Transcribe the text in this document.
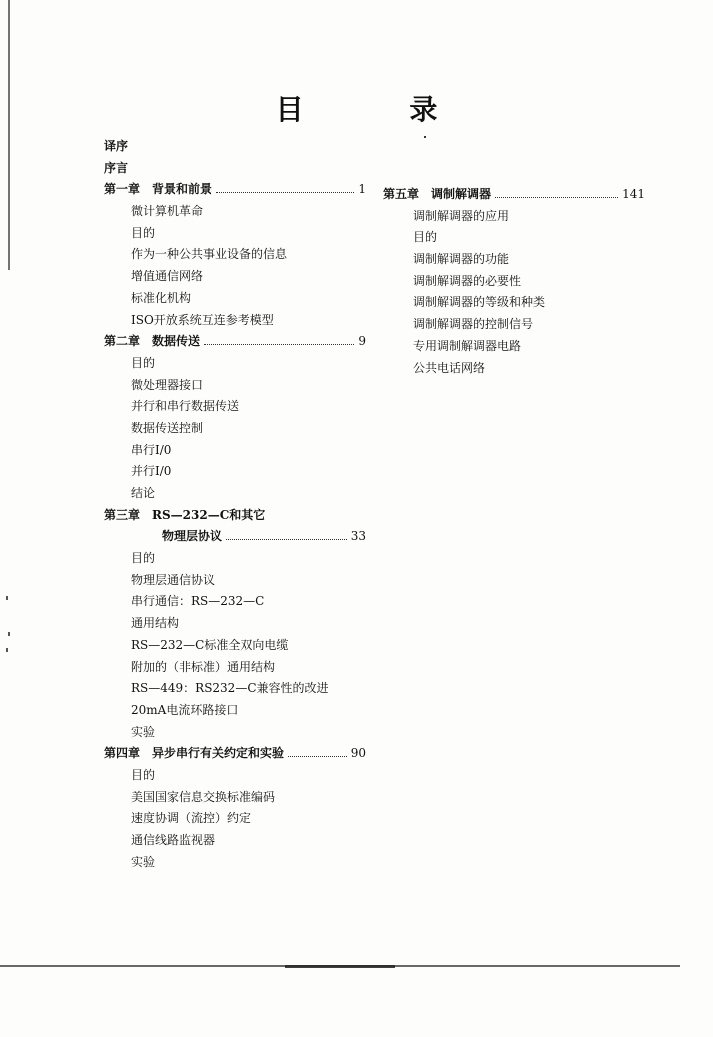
目 录
译序
序言
第一章  背景和前景	1
微计算机革命
目的
作为一种公共事业设备的信息
增值通信网络
标准化机构
ISO开放系统互连参考模型
第二章  数据传送	9
目的
微处理器接口
并行和串行数据传送
数据传送控制
串行I/0
并行I/0
结论
第三章  RS—232—C和其它
物理层协议	33
目的
物理层通信协议
串行通信：RS—232—C
通用结构
RS—232—C标准全双向电缆
附加的（非标准）通用结构
RS—449：RS232—C兼容性的改进
20mA电流环路接口
实验
第四章  异步串行有关约定和实验	90
目的
美国国家信息交换标准编码
速度协调（流控）约定
通信线路监视器
实验
第五章  调制解调器	141
调制解调器的应用
目的
调制解调器的功能
调制解调器的必要性
调制解调器的等级和种类
调制解调器的控制信号
专用调制解调器电路
公共电话网络
